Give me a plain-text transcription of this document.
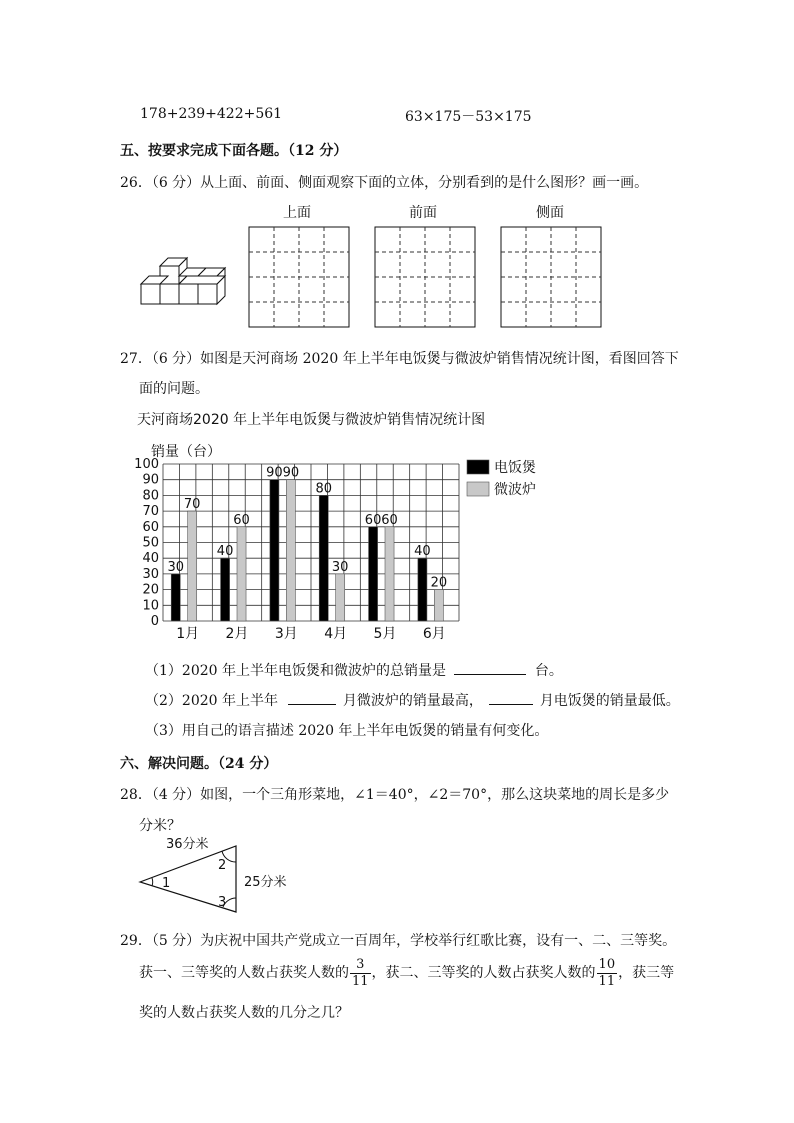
178+239+422+561	63×175－53×175
五、按要求完成下面各题。（12 分）
26．（6 分）从上面、前面、侧面观察下面的立体，分别看到的是什么图形？画一画。
上面	前面	侧面
27．（6 分）如图是天河商场 2020 年上半年电饭煲与微波炉销售情况统计图，看图回答下
面的问题。
天河商场2020 年上半年电饭煲与微波炉销售情况统计图
销量（台）
0
10
20
30
40
50
60
70
80
90
100
30
70
1月
40
60
2月
90 90
3月
80
30
4月
60 60
5月
40
20
6月
电饭煲
微波炉
（1）2020 年上半年电饭煲和微波炉的总销量是	台。
（2）2020 年上半年	月微波炉的销量最高，	月电饭煲的销量最低。
（3）用自己的语言描述 2020 年上半年电饭煲的销量有何变化。
六、解决问题。（24 分）
28．（4 分）如图，一个三角形菜地，∠1＝40°，∠2＝70°，那么这块菜地的周长是多少
分米？
36分米
25分米
1
2
3
29．（5 分）为庆祝中国共产党成立一百周年，学校举行红歌比赛，设有一、二、三等奖。
获一、三等奖的人数占获奖人数的 $\frac{3}{11}$ ，获二、三等奖的人数占获奖人数的 $\frac{10}{11}$ ，获三等
奖的人数占获奖人数的几分之几？
